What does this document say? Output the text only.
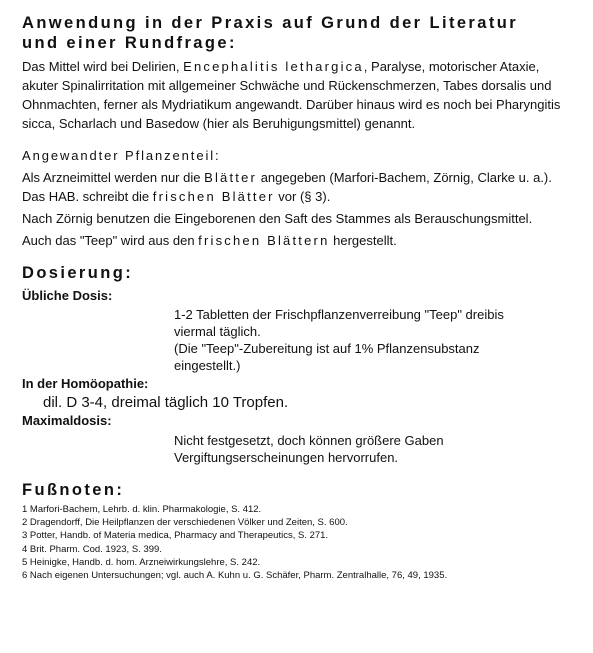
Anwendung in der Praxis auf Grund der Literatur
und einer Rundfrage:

Das Mittel wird bei Delirien, Encephalitis lethargica, Paralyse, motorischer Ataxie, akuter Spinalirritation mit allgemeiner Schwäche und Rückenschmerzen, Tabes dorsalis und Ohnmachten, ferner als Mydriatikum angewandt. Darüber hinaus wird es noch bei Pharyngitis sicca, Scharlach und Basedow (hier als Beruhigungsmittel) genannt.

Angewandter Pflanzenteil:

Als Arzneimittel werden nur die Blätter angegeben (Marfori-Bachem, Zörnig, Clarke u. a.). Das HAB. schreibt die frischen Blätter vor (§ 3).

Nach Zörnig benutzen die Eingeborenen den Saft des Stammes als Berauschungsmittel.

Auch das "Teep" wird aus den frischen Blättern hergestellt.

Dosierung:
Übliche Dosis:
1-2 Tabletten der Frischpflanzenverreibung "Teep" dreibis
viermal täglich.
(Die "Teep"-Zubereitung ist auf 1% Pflanzensubstanz
eingestellt.)
In der Homöopathie:
dil. D 3-4, dreimal täglich 10 Tropfen.
Maximaldosis:
Nicht festgesetzt, doch können größere Gaben
Vergiftungserscheinungen hervorrufen.
Fußnoten:
1 Marfori-Bachem, Lehrb. d. klin. Pharmakologie, S. 412.
2 Dragendorff, Die Heilpflanzen der verschiedenen Völker und Zeiten, S. 600.
3 Potter, Handb. of Materia medica, Pharmacy and Therapeutics, S. 271.
4 Brit. Pharm. Cod. 1923, S. 399.
5 Heinigke, Handb. d. hom. Arzneiwirkungslehre, S. 242.
6 Nach eigenen Untersuchungen; vgl. auch A. Kuhn u. G. Schäfer, Pharm. Zentralhalle, 76, 49, 1935.
